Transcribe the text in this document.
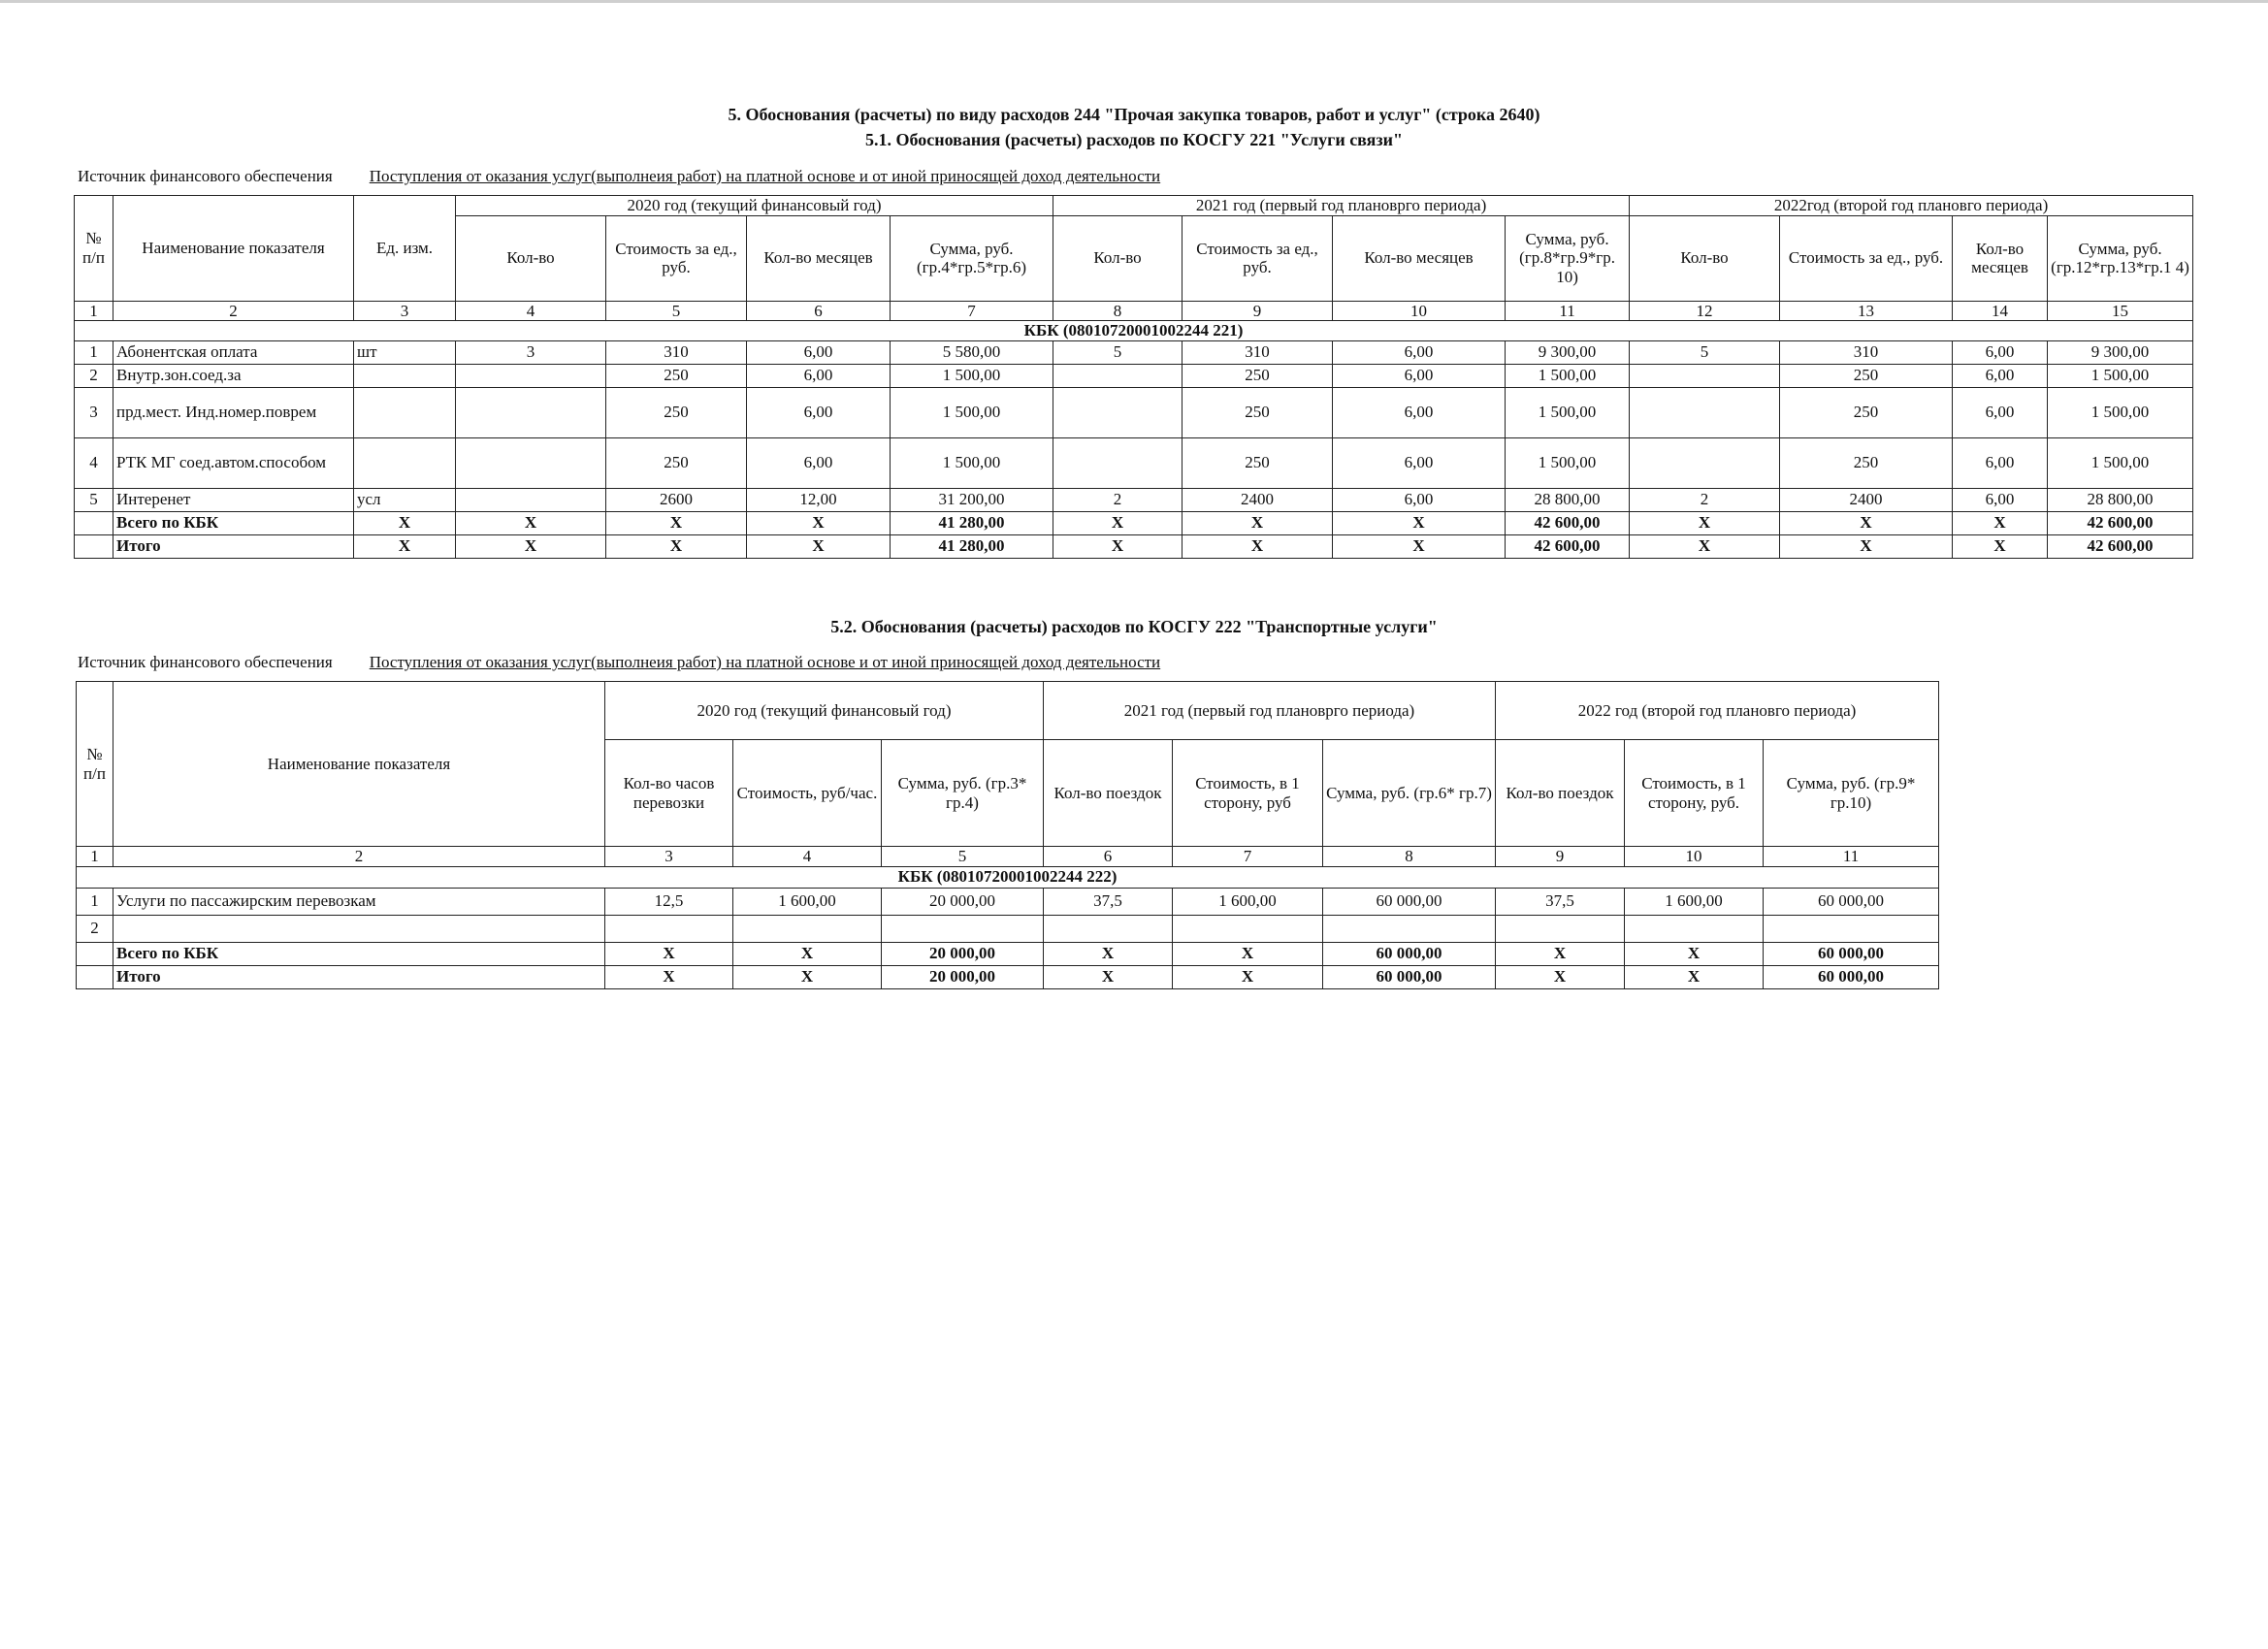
5. Обоснования (расчеты) по виду расходов 244 "Прочая закупка товаров, работ и услуг" (строка 2640)
5.1. Обоснования (расчеты) расходов по КОСГУ 221 "Услуги связи"
Источник финансового обеспечения Поступления от оказания услуг(выполнеия работ) на платной основе и от иной приносящей доход деятельности
№ п/п	Наименование показателя	Ед. изм.	2020 год (текущий финансовый год)				2021 год (первый год плановрго периода)				2022год (второй год плановго периода)			
			Кол-во	Стоимость за ед., руб.	Кол-во месяцев	Сумма, руб. (гр.4*гр.5*гр.6)	Кол-во	Стоимость за ед., руб.	Кол-во месяцев	Сумма, руб. (гр.8*гр.9*гр. 10)	Кол-во	Стоимость за ед., руб.	Кол-во месяцев	Сумма, руб. (гр.12*гр.13*гр.1 4)
1	2	3	4	5	6	7	8	9	10	11	12	13	14	15
КБК (08010720001002244 221)														
1	Абонентская оплата	шт	3	310	6,00	5 580,00	5	310	6,00	9 300,00	5	310	6,00	9 300,00
2	Внутр.зон.соед.за			250	6,00	1 500,00		250	6,00	1 500,00		250	6,00	1 500,00
3	прд.мест. Инд.номер.поврем			250	6,00	1 500,00		250	6,00	1 500,00		250	6,00	1 500,00
4	РТК МГ соед.автом.способом			250	6,00	1 500,00		250	6,00	1 500,00		250	6,00	1 500,00
5	Интеренет	усл		2600	12,00	31 200,00	2	2400	6,00	28 800,00	2	2400	6,00	28 800,00
	Всего по КБК	X	X	X	X	41 280,00	X	X	X	42 600,00	X	X	X	42 600,00
	Итого	X	X	X	X	41 280,00	X	X	X	42 600,00	X	X	X	42 600,00
5.2. Обоснования (расчеты) расходов по КОСГУ 222 "Транспортные услуги"
Источник финансового обеспечения Поступления от оказания услуг(выполнеия работ) на платной основе и от иной приносящей доход деятельности
№ п/п	Наименование показателя	2020 год (текущий финансовый год)			2021 год (первый год плановрго периода)			2022 год (второй год плановго периода)		
		Кол-во часов перевозки	Стоимость, руб/час.	Сумма, руб. (гр.3* гр.4)	Кол-во поездок	Стоимость, в 1 сторону, руб	Сумма, руб. (гр.6* гр.7)	Кол-во поездок	Стоимость, в 1 сторону, руб.	Сумма, руб. (гр.9* гр.10)
1	2	3	4	5	6	7	8	9	10	11
КБК (08010720001002244 222)										
1	Услуги по пассажирским перевозкам	12,5	1 600,00	20 000,00	37,5	1 600,00	60 000,00	37,5	1 600,00	60 000,00
2										
	Всего по КБК	X	X	20 000,00	X	X	60 000,00	X	X	60 000,00
	Итого	X	X	20 000,00	X	X	60 000,00	X	X	60 000,00
